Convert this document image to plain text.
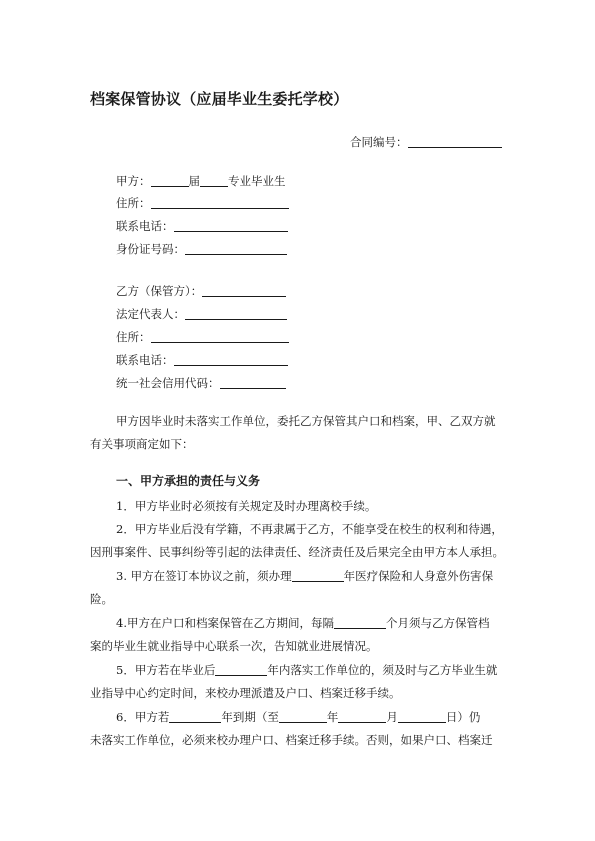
档案保管协议（应届毕业生委托学校）
合同编号：
甲方：	届 专业毕业生
住所：
联系电话：
身份证号码：
乙方（保管方）：
法定代表人：
住所：
联系电话：
统一社会信用代码：
甲方因毕业时未落实工作单位，委托乙方保管其户口和档案，甲、乙双方就
有关事项商定如下：
一、甲方承担的责任与义务
1．甲方毕业时必须按有关规定及时办理离校手续。
2．甲方毕业后没有学籍，不再隶属于乙方，不能享受在校生的权利和待遇，
因刑事案件、民事纠纷等引起的法律责任、经济责任及后果完全由甲方本人承担。
3. 甲方在签订本协议之前，须办理	年医疗保险和人身意外伤害保
险。
4.甲方在户口和档案保管在乙方期间，每隔	个月须与乙方保管档
案的毕业生就业指导中心联系一次，告知就业进展情况。
5．甲方若在毕业后	年内落实工作单位的，须及时与乙方毕业生就
业指导中心约定时间，来校办理派遣及户口、档案迁移手续。
6．甲方若	年到期（至	年	月	日）仍
未落实工作单位，必须来校办理户口、档案迁移手续。否则，如果户口、档案迁
